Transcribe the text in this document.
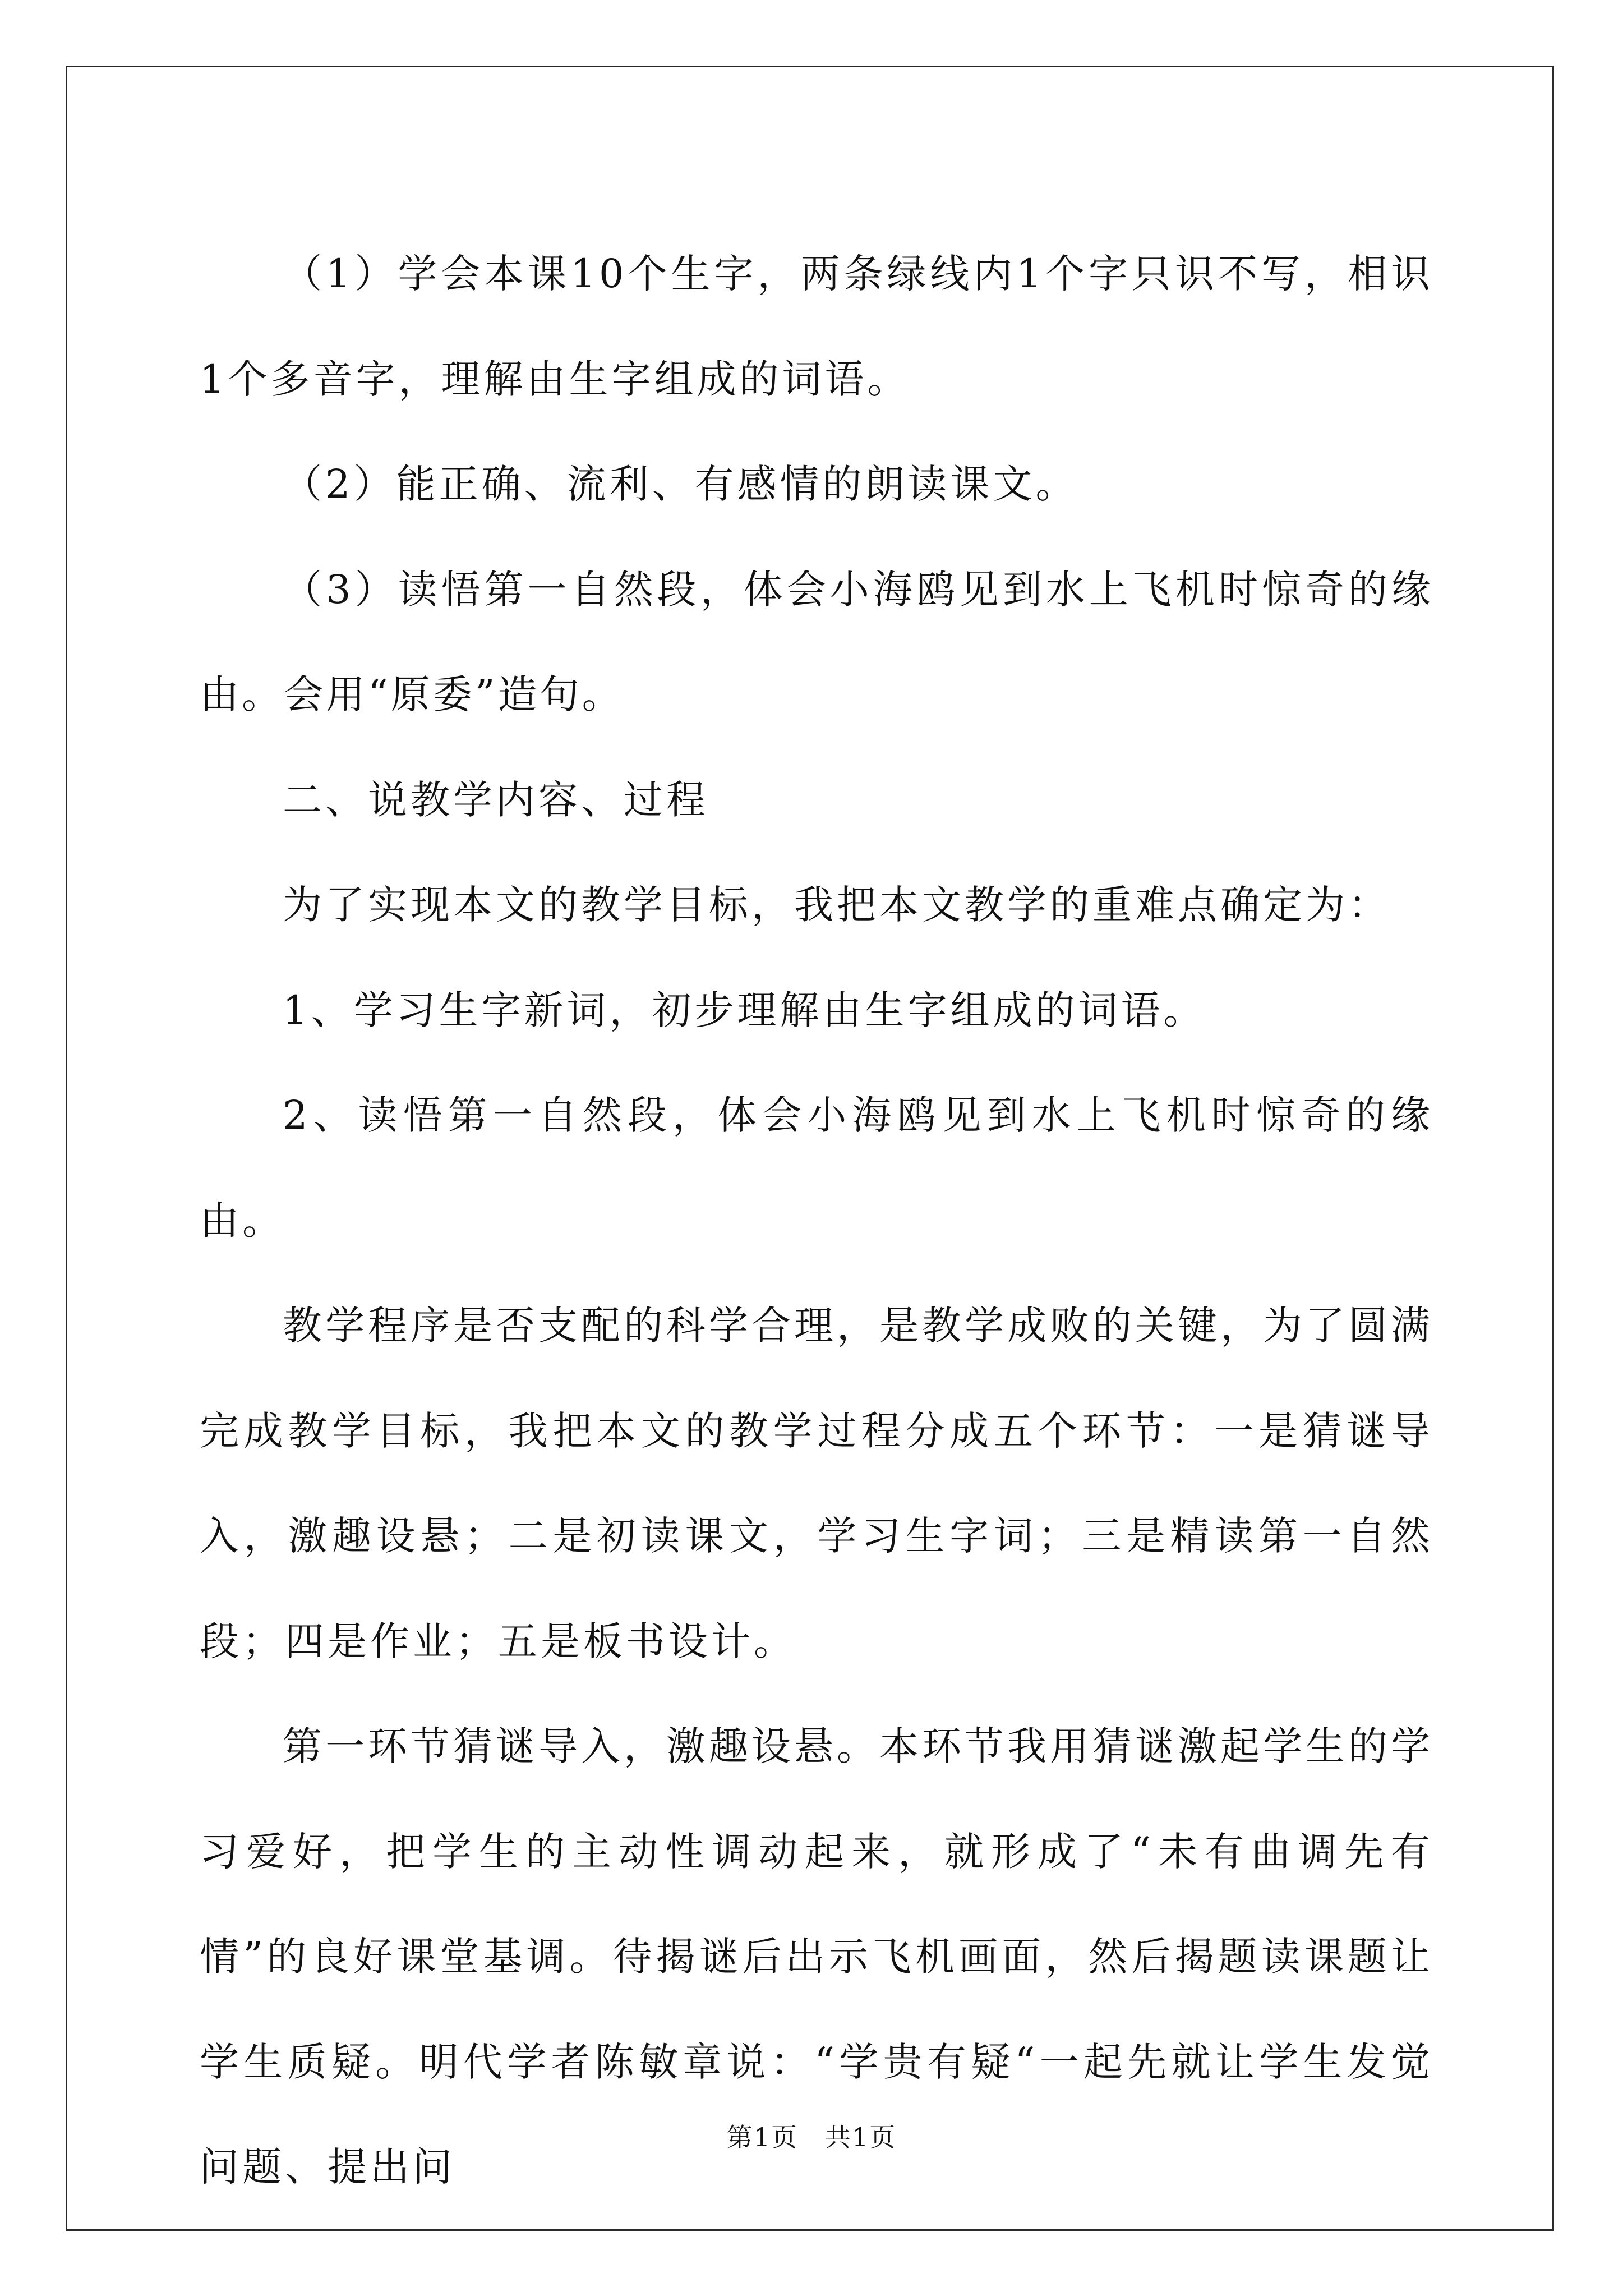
（1）学会本课10个生字，两条绿线内1个字只识不写，相识1个多音字，理解由生字组成的词语。

（2）能正确、流利、有感情的朗读课文。

（3）读悟第一自然段，体会小海鸥见到水上飞机时惊奇的缘由。会用“原委”造句。

二、说教学内容、过程

为了实现本文的教学目标，我把本文教学的重难点确定为：

1、学习生字新词，初步理解由生字组成的词语。

2、读悟第一自然段，体会小海鸥见到水上飞机时惊奇的缘由。

教学程序是否支配的科学合理，是教学成败的关键，为了圆满完成教学目标，我把本文的教学过程分成五个环节：一是猜谜导入，激趣设悬；二是初读课文，学习生字词；三是精读第一自然段；四是作业；五是板书设计。

第一环节猜谜导入，激趣设悬。本环节我用猜谜激起学生的学习爱好，把学生的主动性调动起来，就形成了“未有曲调先有情”的良好课堂基调。待揭谜后出示飞机画面，然后揭题读课题让学生质疑。明代学者陈敏章说：“学贵有疑“一起先就让学生发觉问题、提出问

第1页　共1页
